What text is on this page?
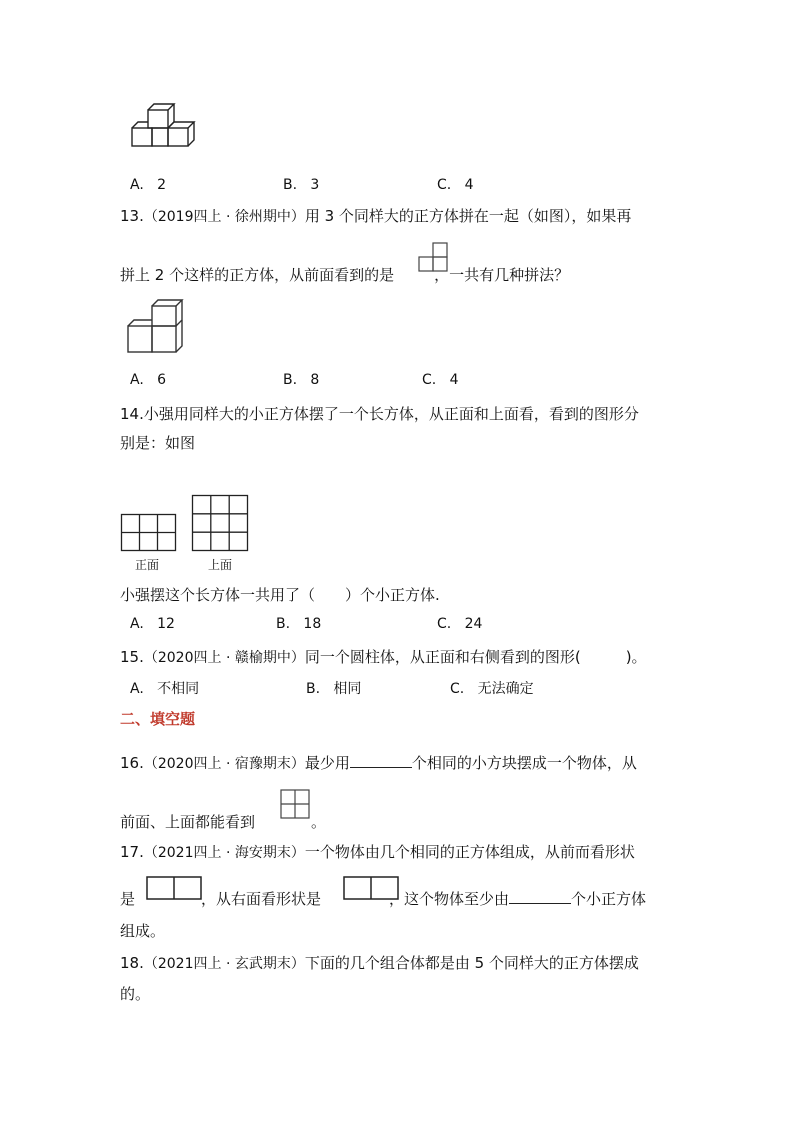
A. 2	B. 3	C. 4
13.（2019四上 · 徐州期中）用 3 个同样大的正方体拼在一起（如图），如果再
拼上 2 个这样的正方体，从前面看到的是	，一共有几种拼法？
A. 6	B. 8	C. 4
14.小强用同样大的小正方体摆了一个长方体，从正面和上面看，看到的图形分
别是：如图
正面	上面
小强摆这个长方体一共用了（　　）个小正方体.
A. 12	B. 18	C. 24
15.（2020四上 · 赣榆期中）同一个圆柱体，从正面和右侧看到的图形(　　　)。
A. 不相同	B. 相同	C. 无法确定
二、填空题
16.（2020四上 · 宿豫期末）最少用	个相同的小方块摆成一个物体，从
前面、上面都能看到	。
17.（2021四上 · 海安期末）一个物体由几个相同的正方体组成，从前而看形状
是	，从右面看形状是	，这个物体至少由	个小正方体
组成。
18.（2021四上 · 玄武期末）下面的几个组合体都是由 5 个同样大的正方体摆成
的。
